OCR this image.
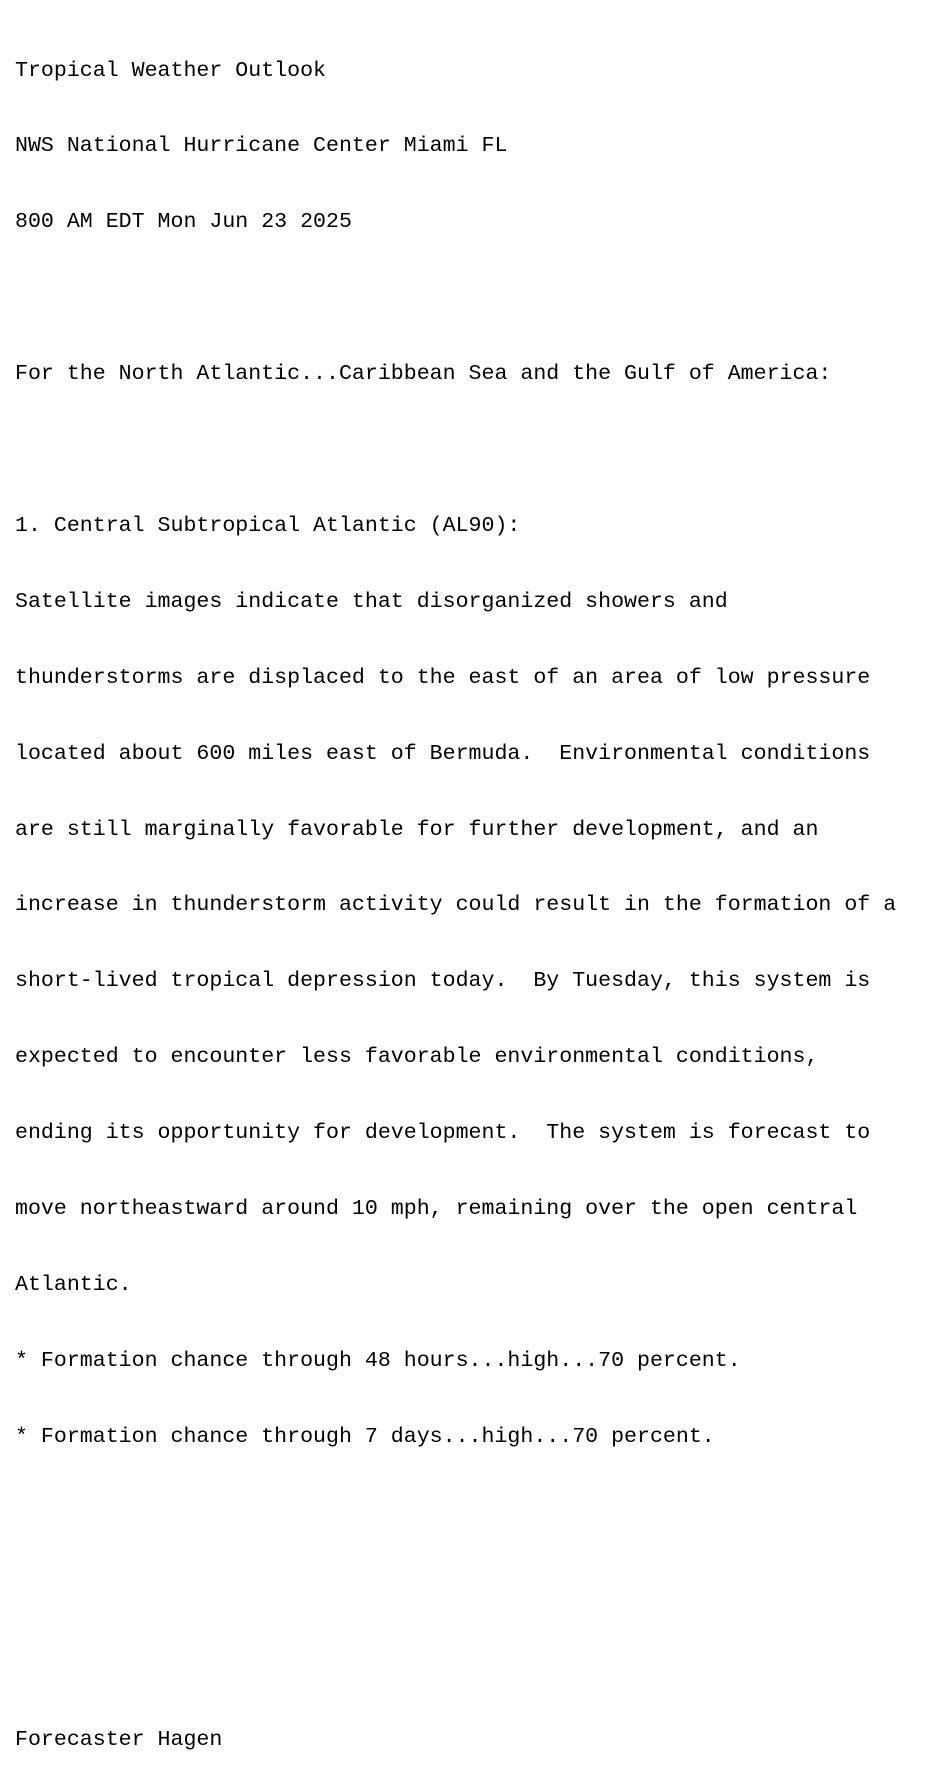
Tropical Weather Outlook

NWS National Hurricane Center Miami FL

800 AM EDT Mon Jun 23 2025

For the North Atlantic...Caribbean Sea and the Gulf of America:

1. Central Subtropical Atlantic (AL90):

Satellite images indicate that disorganized showers and

thunderstorms are displaced to the east of an area of low pressure

located about 600 miles east of Bermuda.  Environmental conditions

are still marginally favorable for further development, and an

increase in thunderstorm activity could result in the formation of a

short-lived tropical depression today.  By Tuesday, this system is

expected to encounter less favorable environmental conditions,

ending its opportunity for development.  The system is forecast to

move northeastward around 10 mph, remaining over the open central

Atlantic.

* Formation chance through 48 hours...high...70 percent.

* Formation chance through 7 days...high...70 percent.

Forecaster Hagen
